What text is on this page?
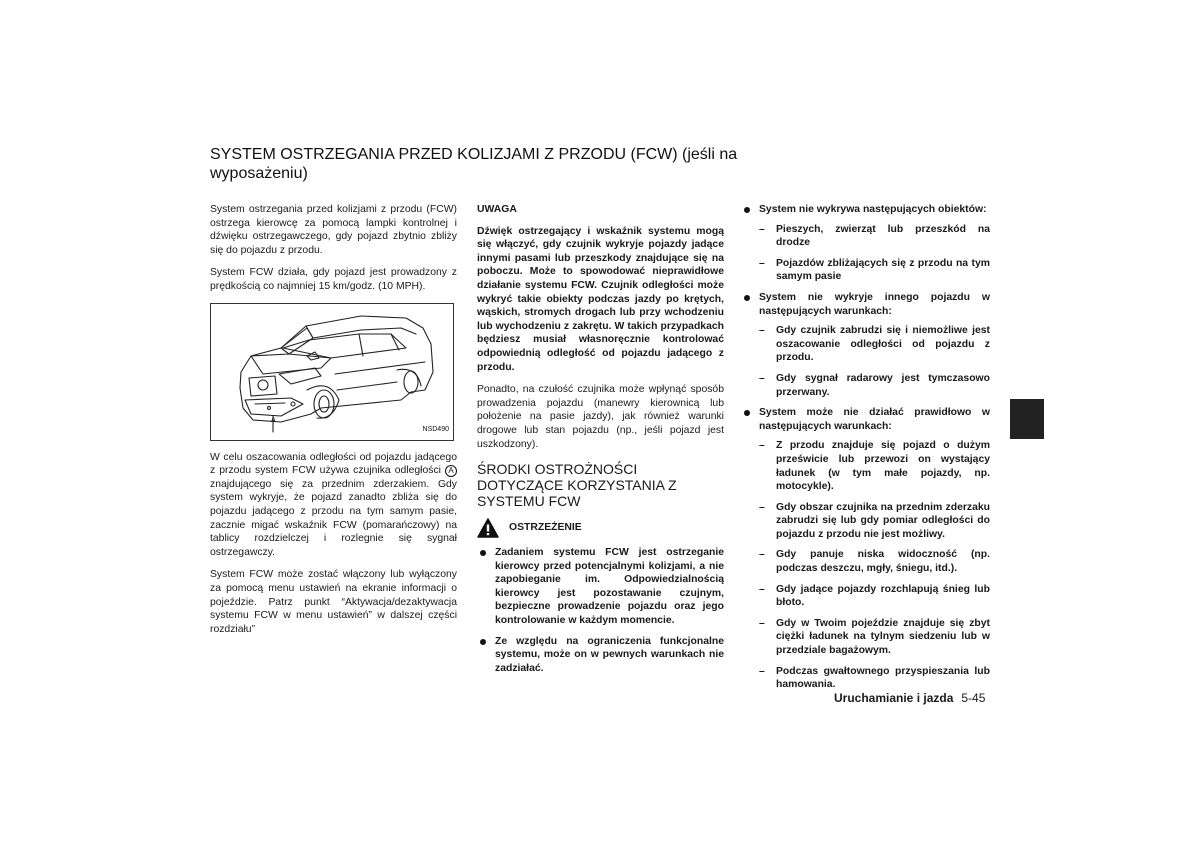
SYSTEM OSTRZEGANIA PRZED KOLIZJAMI Z PRZODU (FCW) (jeśli na wyposażeniu)

System ostrzegania przed kolizjami z przodu (FCW) ostrzega kierowcę za pomocą lampki kontrolnej i dźwięku ostrzegawczego, gdy pojazd zbytnio zbliży się do pojazdu z przodu.

System FCW działa, gdy pojazd jest prowadzony z prędkością co najmniej 15 km/godz. (10 MPH).

A
NSD490

W celu oszacowania odległości od pojazdu jadącego z przodu system FCW używa czujnika odległości A znajdującego się za przednim zderzakiem. Gdy system wykryje, że pojazd zanadto zbliża się do pojazdu jadącego z przodu na tym samym pasie, zacznie migać wskaźnik FCW (pomarańczowy) na tablicy rozdzielczej i rozlegnie się sygnał ostrzegawczy.

System FCW może zostać włączony lub wyłączony za pomocą menu ustawień na ekranie informacji o pojeździe. Patrz punkt “Aktywacja/dezaktywacja systemu FCW w menu ustawień” w dalszej części rozdziału”

UWAGA

Dźwięk ostrzegający i wskaźnik systemu mogą się włączyć, gdy czujnik wykryje pojazdy jadące innymi pasami lub przeszkody znajdujące się na poboczu. Może to spowodować nieprawidłowe działanie systemu FCW. Czujnik odległości może wykryć takie obiekty podczas jazdy po krętych, wąskich, stromych drogach lub przy wchodzeniu lub wychodzeniu z zakrętu. W takich przypadkach będziesz musiał własnoręcznie kontrolować odpowiednią odległość od pojazdu jadącego z przodu.

Ponadto, na czułość czujnika może wpłynąć sposób prowadzenia pojazdu (manewry kierownicą lub położenie na pasie jazdy), jak również warunki drogowe lub stan pojazdu (np., jeśli pojazd jest uszkodzony).

ŚRODKI OSTROŻNOŚCI DOTYCZĄCE KORZYSTANIA Z SYSTEMU FCW
OSTRZEŻENIE
Zadaniem systemu FCW jest ostrzeganie kierowcy przed potencjalnymi kolizjami, a nie zapobieganie im. Odpowiedzialnością kierowcy jest pozostawanie czujnym, bezpieczne prowadzenie pojazdu oraz jego kontrolowanie w każdym momencie.
Ze względu na ograniczenia funkcjonalne systemu, może on w pewnych warunkach nie zadziałać.
System nie wykrywa następujących obiektów:
– Pieszych, zwierząt lub przeszkód na drodze
– Pojazdów zbliżających się z przodu na tym samym pasie
System nie wykryje innego pojazdu w następujących warunkach:
– Gdy czujnik zabrudzi się i niemożliwe jest oszacowanie odległości od pojazdu z przodu.
– Gdy sygnał radarowy jest tymczasowo przerwany.
System może nie działać prawidłowo w następujących warunkach:
– Z przodu znajduje się pojazd o dużym prześwicie lub przewozi on wystający ładunek (w tym małe pojazdy, np. motocykle).
– Gdy obszar czujnika na przednim zderzaku zabrudzi się lub gdy pomiar odległości do pojazdu z przodu nie jest możliwy.
– Gdy panuje niska widoczność (np. podczas deszczu, mgły, śniegu, itd.).
– Gdy jadące pojazdy rozchlapują śnieg lub błoto.
– Gdy w Twoim pojeździe znajduje się zbyt ciężki ładunek na tylnym siedzeniu lub w przedziale bagażowym.
– Podczas gwałtownego przyspieszania lub hamowania.
Uruchamianie i jazda 5-45
